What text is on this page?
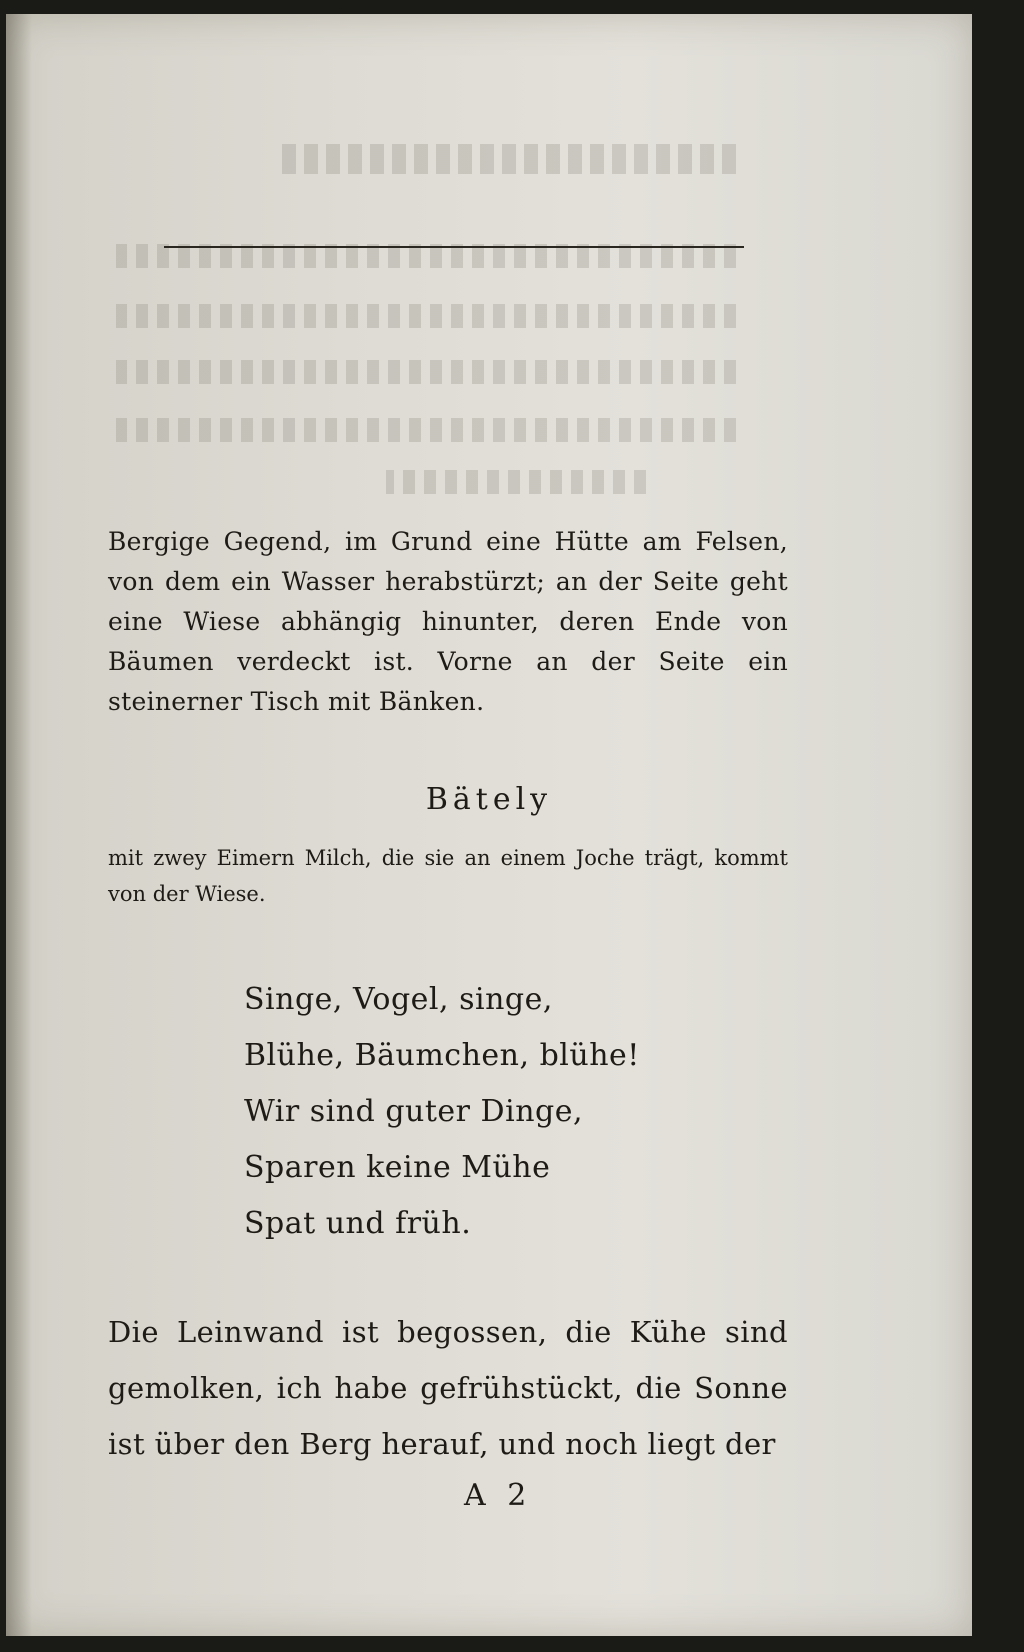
Bergige Gegend, im Grund eine Hütte am Felsen, von dem ein Wasser herabstürzt; an der Seite geht eine Wiese abhängig hinunter, deren Ende von Bäumen verdeckt ist. Vorne an der Seite ein steinerner Tisch mit Bänken.

Bätely

mit zwey Eimern Milch, die sie an einem Joche trägt, kommt von der Wiese.

Singe, Vogel, singe,
Blühe, Bäumchen, blühe!
Wir sind guter Dinge,
Sparen keine Mühe
Spat und früh.

Die Leinwand ist begossen, die Kühe sind gemolken, ich habe gefrühstückt, die Sonne ist über den Berg herauf, und noch liegt der

A 2
